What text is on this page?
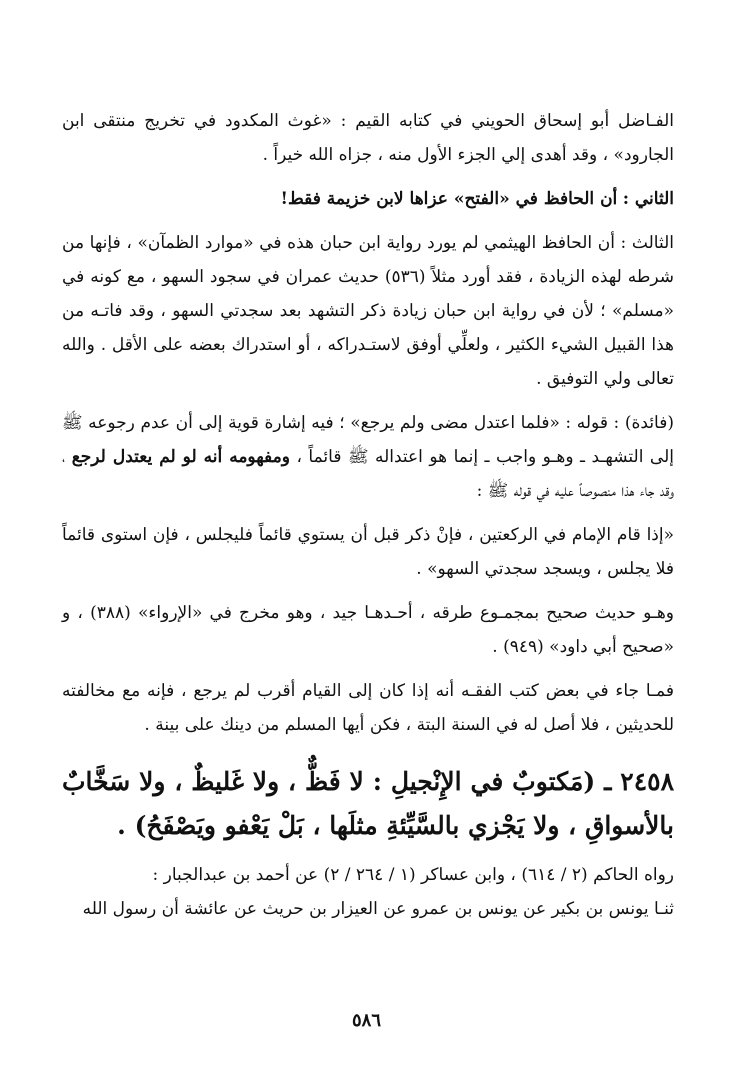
الفـاضل أبو إسحاق الحويني في كتابه القيم : «غوث المكدود في تخريج منتقى ابن الجارود» ، وقد أهدى إلي الجزء الأول منه ، جزاه الله خيراً .

الثاني : أن الحافظ في «الفتح» عزاها لابن خزيمة فقط!

الثالث : أن الحافظ الهيثمي لم يورد رواية ابن حبان هذه في «موارد الظمآن» ، فإنها من شرطه لهذه الزيادة ، فقد أورد مثلاً (٥٣٦) حديث عمران في سجود السهو ، مع كونه في «مسلم» ؛ لأن في رواية ابن حبان زيادة ذكر التشهد بعد سجدتي السهو ، وقد فاتـه من هذا القبيل الشيء الكثير ، ولعلِّي أوفق لاستـدراكه ، أو استدراك بعضه على الأقل . والله تعالى ولي التوفيق .

(فائدة) : قوله : «فلما اعتدل مضى ولم يرجع» ؛ فيه إشارة قوية إلى أن عدم رجوعه ﷺ إلى التشهـد ـ وهـو واجب ـ إنما هو اعتداله ﷺ قائماً ، ومفهومه أنه لو لم يعتدل لرجع ، وقد جاء هذا منصوصاً عليه في قوله ﷺ :

«إذا قام الإمام في الركعتين ، فإنْ ذكر قبل أن يستوي قائماً فليجلس ، فإن استوى قائماً فلا يجلس ، ويسجد سجدتي السهو» .

وهـو حديث صحيح بمجمـوع طرقه ، أحـدهـا جيد ، وهو مخرج في «الإرواء» (٣٨٨) ، و «صحيح أبي داود» (٩٤٩) .

فمـا جاء في بعض كتب الفقـه أنه إذا كان إلى القيام أقرب لم يرجع ، فإنه مع مخالفته للحديثين ، فلا أصل له في السنة البتة ، فكن أيها المسلم من دينك على بينة .

٢٤٥٨ ـ (مَكتوبٌ في الإِنْجيلِ : لا فَظٌّ ، ولا غَليظٌ ، ولا سَخَّابٌ بالأسواقِ ، ولا يَجْزي بالسَّيِّئةِ مثلَها ، بَلْ يَعْفو ويَصْفَحُ) .

رواه الحاكم (٢ / ٦١٤) ، وابن عساكر (١ / ٢٦٤ / ٢) عن أحمد بن عبدالجبار :

ثنـا يونس بن بكير عن يونس بن عمرو عن العيزار بن حريث عن عائشة أن رسول الله

٥٨٦
